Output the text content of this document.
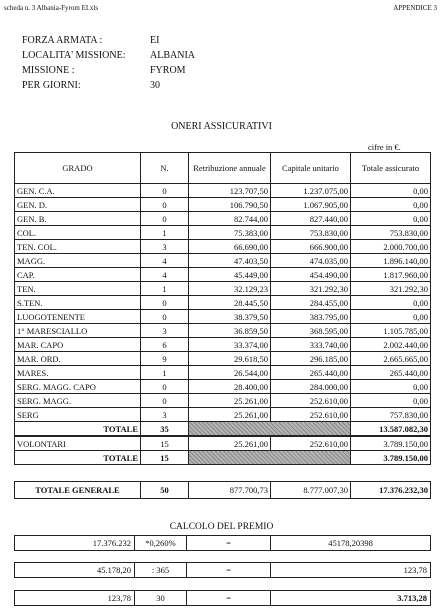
scheda n. 3 Albania-Fyrom EI.xls	APPENDICE 3
FORZA ARMATA :	EI
LOCALITA' MISSIONE: ALBANIA
MISSIONE :	FYROM
PER GIORNI:	30
ONERI ASSICURATIVI
cifre in €.
GRADO	N.	Retribuzione annuale	Capitale unitario	Totale assicurato
GEN. C.A.	0	123.707,50	1.237.075,00	0,00
GEN. D.	0	106.790,50	1.067.905,00	0,00
GEN. B.	0	82.744,00	827.440,00	0,00
COL.	1	75.383,00	753.830,00	753.830,00
TEN. COL.	3	66.690,00	666.900,00	2.000.700,00
MAGG.	4	47.403,50	474.035,00	1.896.140,00
CAP.	4	45.449,00	454.490,00	1.817.960,00
TEN.	1	32.129,23	321.292,30	321.292,30
S.TEN.	0	28.445,50	284.455,00	0,00
LUOGOTENENTE	0	38.379,50	383.795,00	0,00
1° MARESCIALLO	3	36.859,50	368.595,00	1.105.785,00
MAR. CAPO	6	33.374,00	333.740,00	2.002.440,00
MAR. ORD.	9	29.618,50	296.185,00	2.665.665,00
MARES.	1	26.544,00	265.440,00	265.440,00
SERG. MAGG. CAPO	0	28.400,00	284.000,00	0,00
SERG. MAGG.	0	25.261,00	252.610,00	0,00
SERG	3	25.261,00	252.610,00	757.830,00
TOTALE	35			13.587.082,30
VOLONTARI	15	25.261,00	252.610,00	3.789.150,00
TOTALE	15			3.789.150,00
TOTALE GENERALE	50	877.700,73	8.777.007,30	17.376.232,30
CALCOLO DEL PREMIO
17.376.232	*0,260%	=	45178,20398
45.178,20	: 365	=	123,78
123,78	30	=	3.713,28
